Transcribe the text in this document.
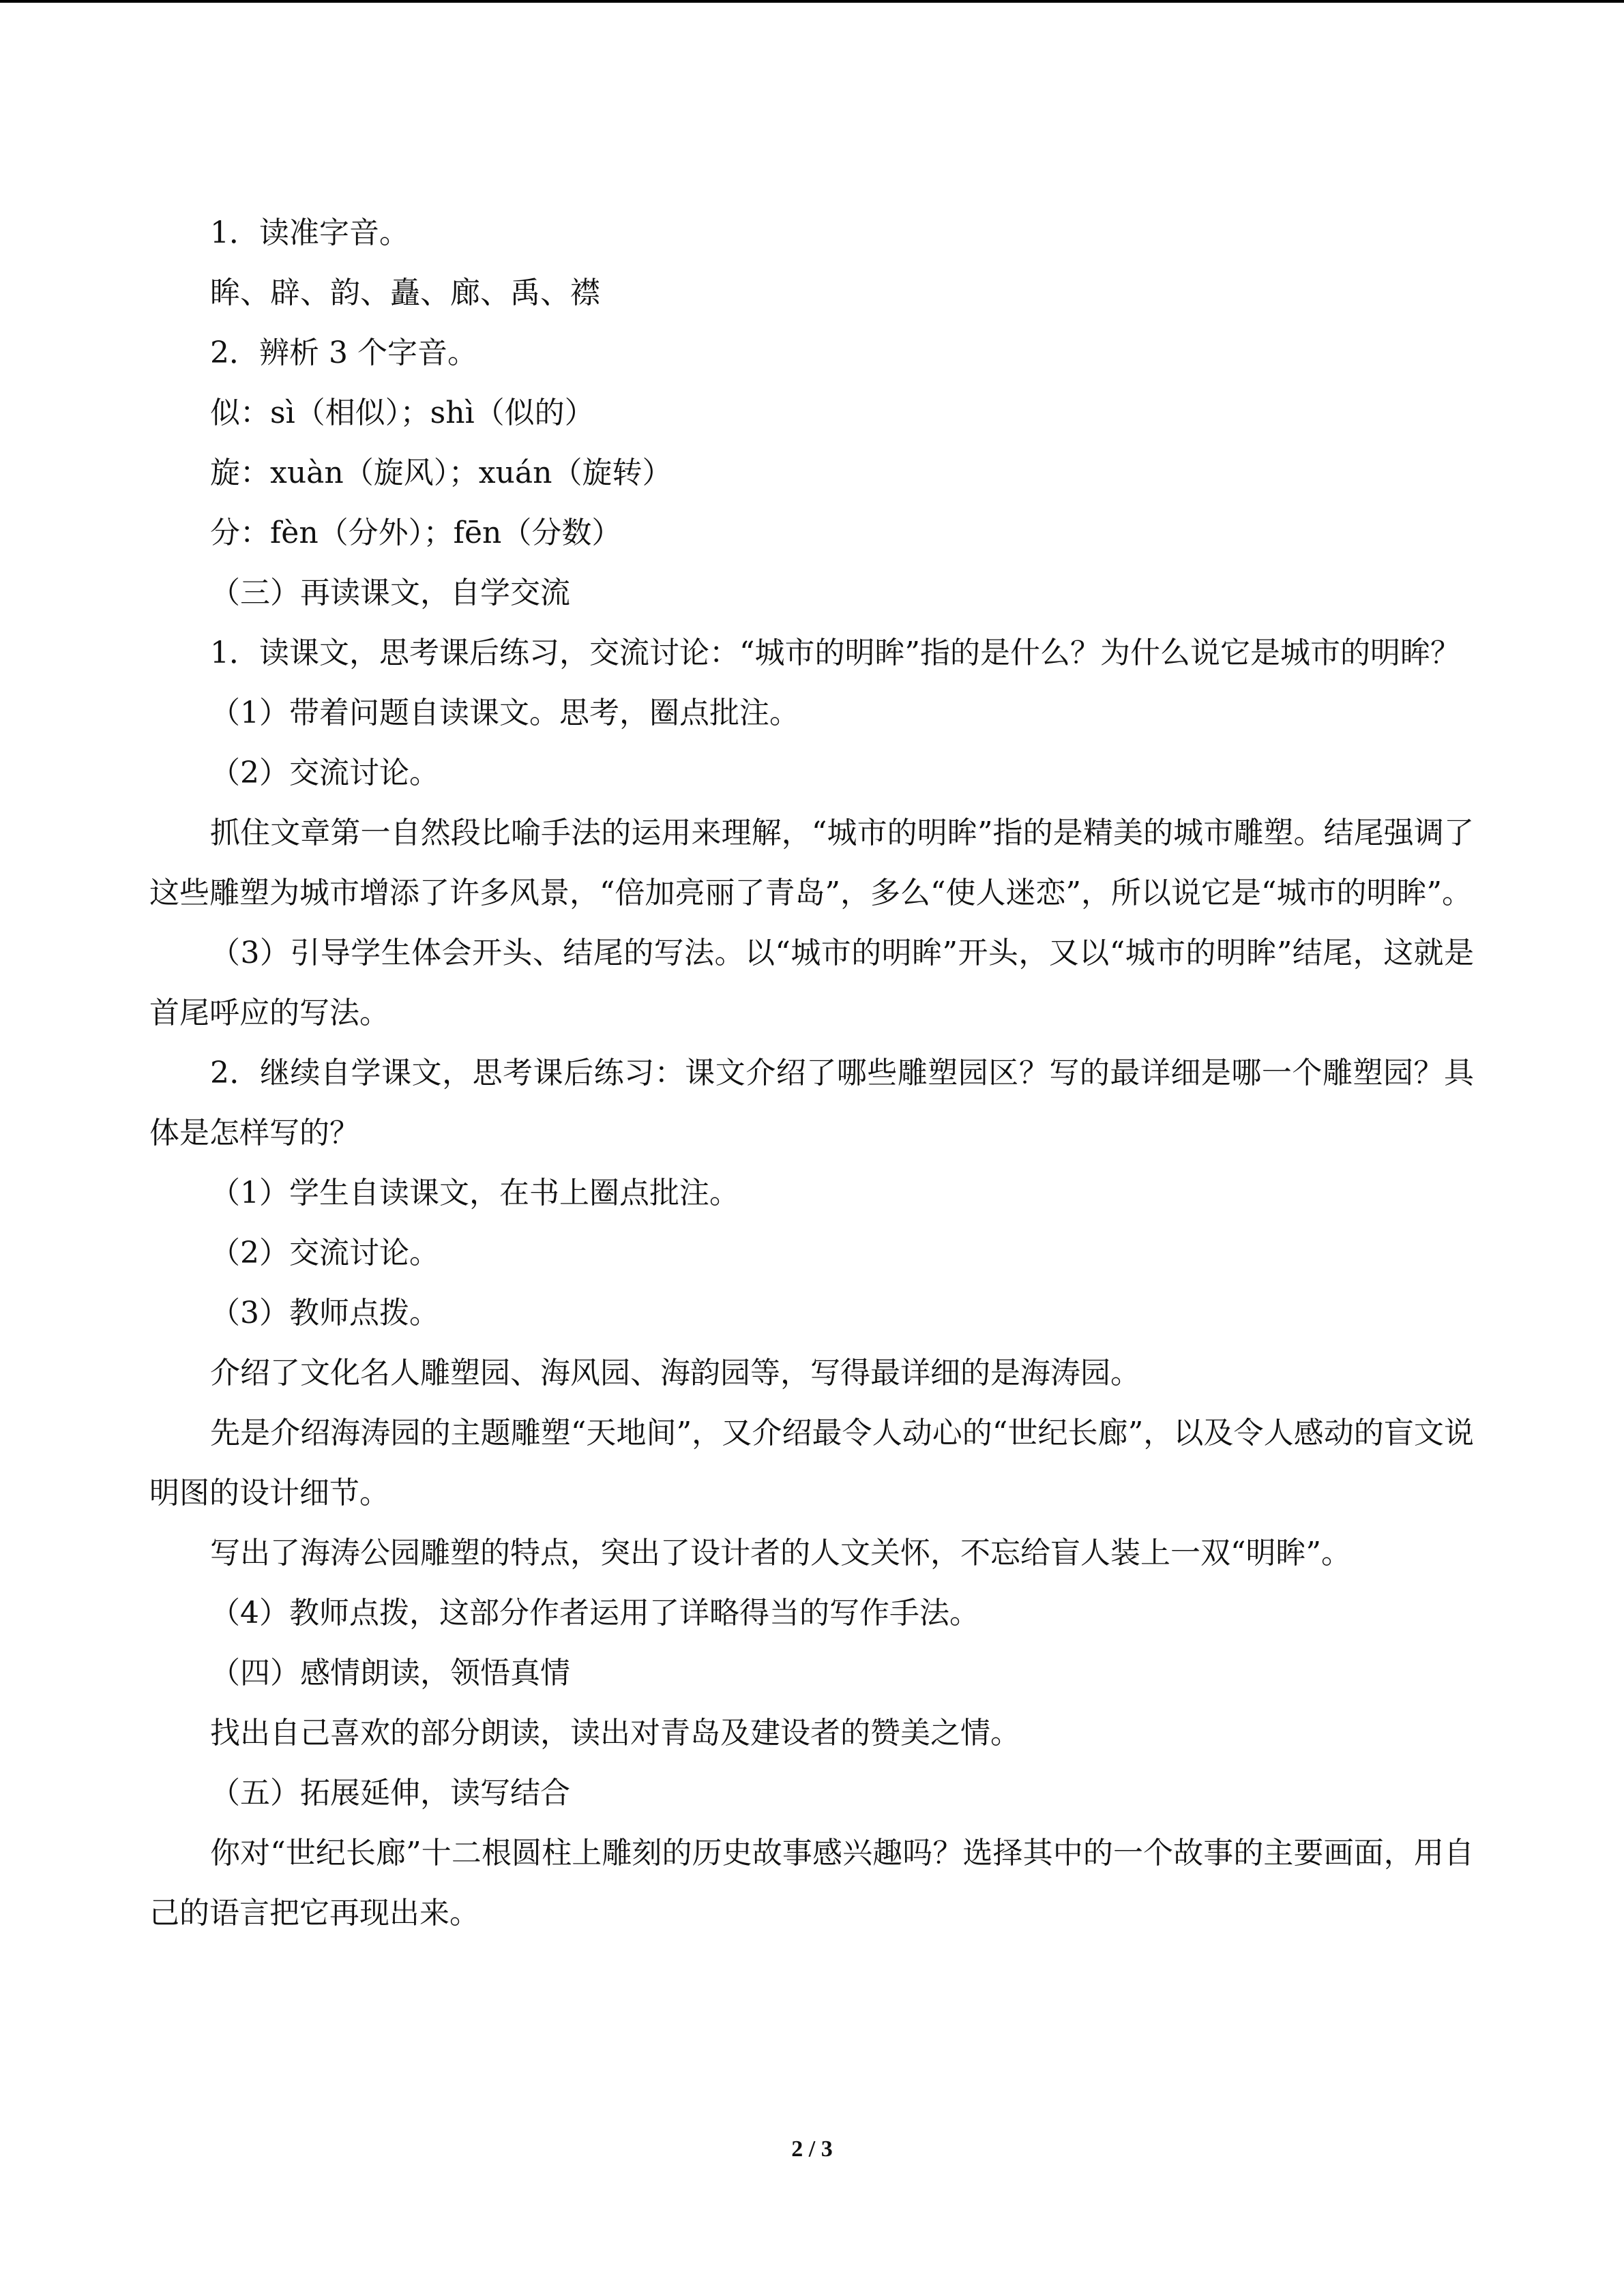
1．读准字音。
眸、辟、韵、矗、廊、禹、襟
2．辨析 3 个字音。
似：sì（相似）；shì（似的）
旋：xuàn（旋风）；xuán（旋转）
分：fèn（分外）；fēn（分数）
（三）再读课文，自学交流
1．读课文，思考课后练习，交流讨论：“城市的明眸”指的是什么？为什么说它是城市的明眸？
（1）带着问题自读课文。思考，圈点批注。
（2）交流讨论。
抓住文章第一自然段比喻手法的运用来理解，“城市的明眸”指的是精美的城市雕塑。结尾强调了这些雕塑为城市增添了许多风景，“倍加亮丽了青岛”，多么“使人迷恋”，所以说它是“城市的明眸”。
（3）引导学生体会开头、结尾的写法。以“城市的明眸”开头，又以“城市的明眸”结尾，这就是首尾呼应的写法。
2．继续自学课文，思考课后练习：课文介绍了哪些雕塑园区？写的最详细是哪一个雕塑园？具体是怎样写的？
（1）学生自读课文，在书上圈点批注。
（2）交流讨论。
（3）教师点拨。
介绍了文化名人雕塑园、海风园、海韵园等，写得最详细的是海涛园。
先是介绍海涛园的主题雕塑“天地间”，又介绍最令人动心的“世纪长廊”，以及令人感动的盲文说明图的设计细节。
写出了海涛公园雕塑的特点，突出了设计者的人文关怀，不忘给盲人装上一双“明眸”。
（4）教师点拨，这部分作者运用了详略得当的写作手法。
（四）感情朗读，领悟真情
找出自己喜欢的部分朗读，读出对青岛及建设者的赞美之情。
（五）拓展延伸，读写结合
你对“世纪长廊”十二根圆柱上雕刻的历史故事感兴趣吗？选择其中的一个故事的主要画面，用自己的语言把它再现出来。
2 / 3
